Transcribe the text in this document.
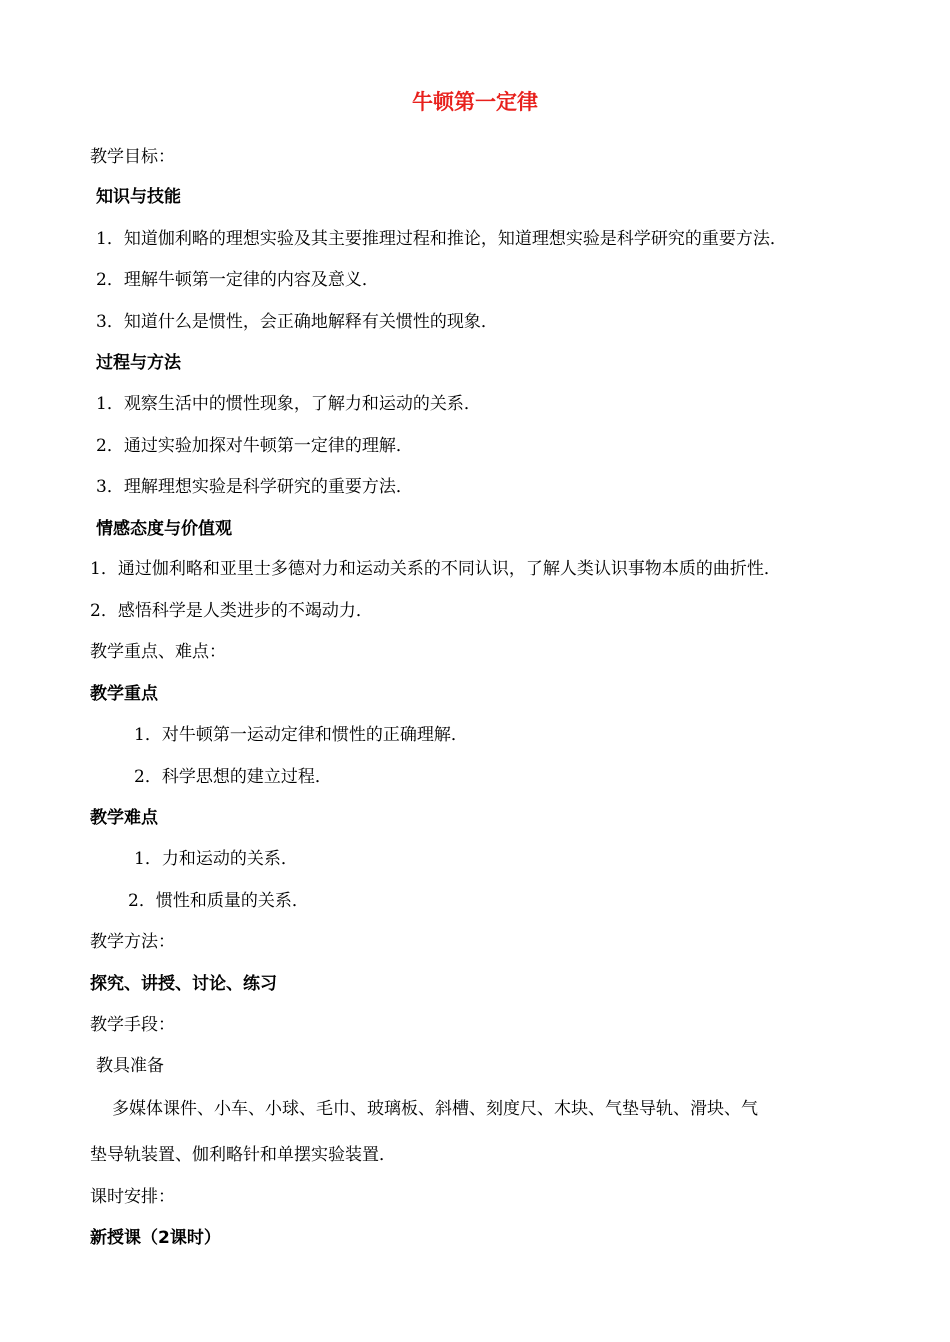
牛顿第一定律
教学目标：
知识与技能
1．知道伽利略的理想实验及其主要推理过程和推论，知道理想实验是科学研究的重要方法．
2．理解牛顿第一定律的内容及意义．
3．知道什么是惯性，会正确地解释有关惯性的现象．
过程与方法
1．观察生活中的惯性现象，了解力和运动的关系．
2．通过实验加探对牛顿第一定律的理解．
3．理解理想实验是科学研究的重要方法．
情感态度与价值观
1．通过伽利略和亚里士多德对力和运动关系的不同认识，了解人类认识事物本质的曲折性．
2．感悟科学是人类进步的不竭动力．
教学重点、难点：
教学重点
1．对牛顿第一运动定律和惯性的正确理解．
2．科学思想的建立过程．
教学难点
1．力和运动的关系．
2．惯性和质量的关系．
教学方法：
探究、讲授、讨论、练习
教学手段：
教具准备
多媒体课件、小车、小球、毛巾、玻璃板、斜槽、刻度尺、木块、气垫导轨、滑块、气
垫导轨装置、伽利略针和单摆实验装置．
课时安排：
新授课（2课时）
